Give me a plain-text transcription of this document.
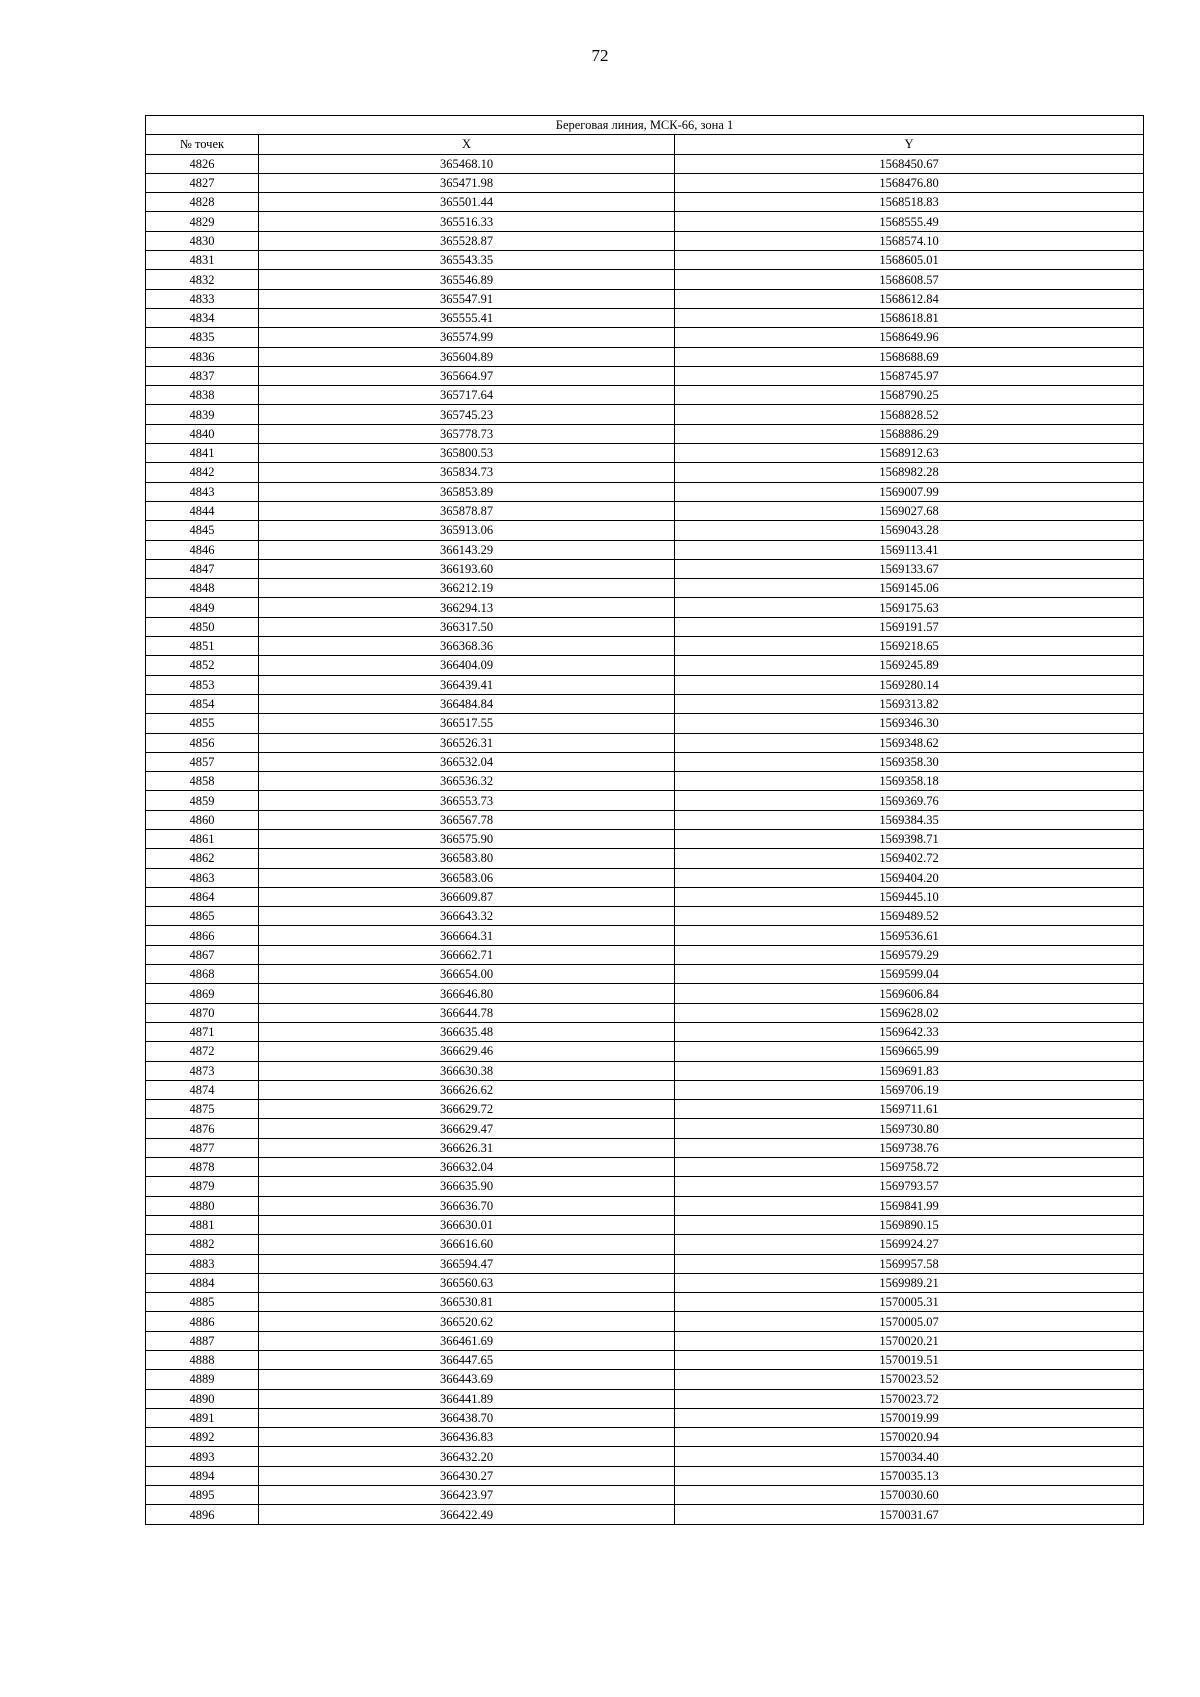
72
Береговая линия, МСК-66, зона 1		
№ точек	X	Y
4826	365468.10	1568450.67
4827	365471.98	1568476.80
4828	365501.44	1568518.83
4829	365516.33	1568555.49
4830	365528.87	1568574.10
4831	365543.35	1568605.01
4832	365546.89	1568608.57
4833	365547.91	1568612.84
4834	365555.41	1568618.81
4835	365574.99	1568649.96
4836	365604.89	1568688.69
4837	365664.97	1568745.97
4838	365717.64	1568790.25
4839	365745.23	1568828.52
4840	365778.73	1568886.29
4841	365800.53	1568912.63
4842	365834.73	1568982.28
4843	365853.89	1569007.99
4844	365878.87	1569027.68
4845	365913.06	1569043.28
4846	366143.29	1569113.41
4847	366193.60	1569133.67
4848	366212.19	1569145.06
4849	366294.13	1569175.63
4850	366317.50	1569191.57
4851	366368.36	1569218.65
4852	366404.09	1569245.89
4853	366439.41	1569280.14
4854	366484.84	1569313.82
4855	366517.55	1569346.30
4856	366526.31	1569348.62
4857	366532.04	1569358.30
4858	366536.32	1569358.18
4859	366553.73	1569369.76
4860	366567.78	1569384.35
4861	366575.90	1569398.71
4862	366583.80	1569402.72
4863	366583.06	1569404.20
4864	366609.87	1569445.10
4865	366643.32	1569489.52
4866	366664.31	1569536.61
4867	366662.71	1569579.29
4868	366654.00	1569599.04
4869	366646.80	1569606.84
4870	366644.78	1569628.02
4871	366635.48	1569642.33
4872	366629.46	1569665.99
4873	366630.38	1569691.83
4874	366626.62	1569706.19
4875	366629.72	1569711.61
4876	366629.47	1569730.80
4877	366626.31	1569738.76
4878	366632.04	1569758.72
4879	366635.90	1569793.57
4880	366636.70	1569841.99
4881	366630.01	1569890.15
4882	366616.60	1569924.27
4883	366594.47	1569957.58
4884	366560.63	1569989.21
4885	366530.81	1570005.31
4886	366520.62	1570005.07
4887	366461.69	1570020.21
4888	366447.65	1570019.51
4889	366443.69	1570023.52
4890	366441.89	1570023.72
4891	366438.70	1570019.99
4892	366436.83	1570020.94
4893	366432.20	1570034.40
4894	366430.27	1570035.13
4895	366423.97	1570030.60
4896	366422.49	1570031.67
